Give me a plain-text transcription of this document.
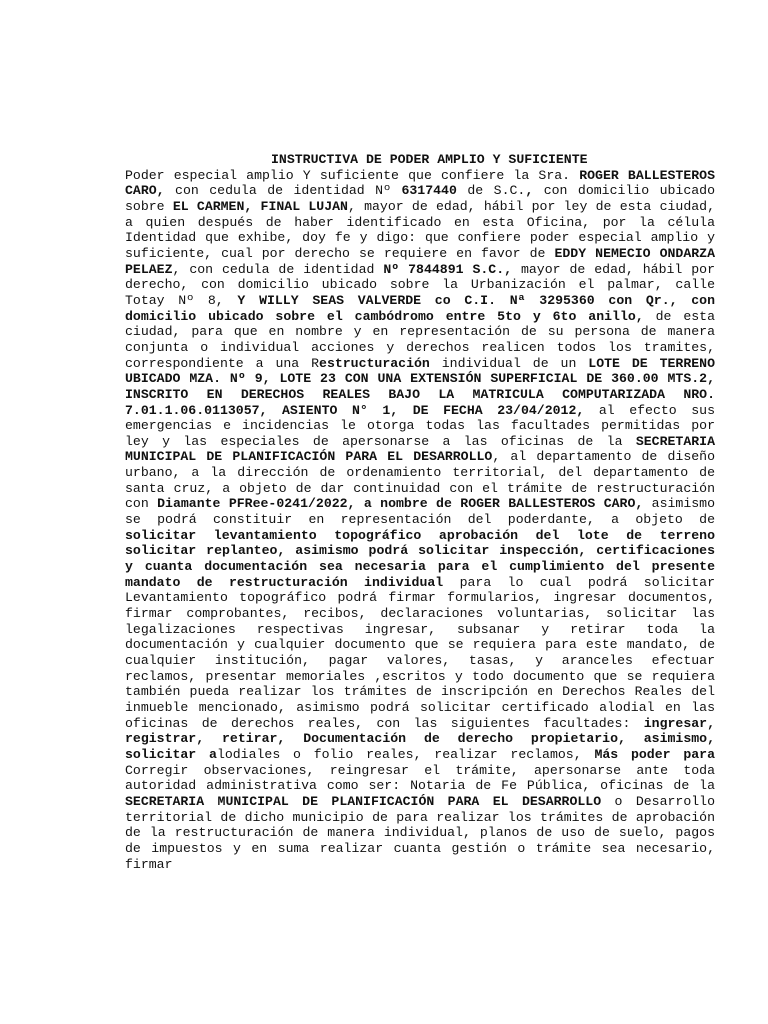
INSTRUCTIVA DE PODER AMPLIO Y SUFICIENTE

Poder especial amplio Y suficiente que confiere la Sra. ROGER BALLESTEROS CARO, con cedula de identidad Nº 6317440 de S.C., con domicilio ubicado sobre EL CARMEN, FINAL LUJAN, mayor de edad, hábil por ley de esta ciudad, a quien después de haber identificado en esta Oficina, por la célula Identidad que exhibe, doy fe y digo: que confiere poder especial amplio y suficiente, cual por derecho se requiere en favor de EDDY NEMECIO ONDARZA PELAEZ, con cedula de identidad Nº 7844891 S.C., mayor de edad, hábil por derecho, con domicilio ubicado sobre la Urbanización el palmar, calle Totay Nº 8, Y WILLY SEAS VALVERDE co C.I. Nª 3295360 con Qr., con domicilio ubicado sobre el cambódromo entre 5to y 6to anillo, de esta ciudad, para que en nombre y en representación de su persona de manera conjunta o individual acciones y derechos realicen todos los tramites, correspondiente a una Restructuración individual de un LOTE DE TERRENO UBICADO MZA. Nº 9, LOTE 23 CON UNA EXTENSIÓN SUPERFICIAL DE 360.00 MTS.2, INSCRITO EN DERECHOS REALES BAJO LA MATRICULA COMPUTARIZADA NRO. 7.01.1.06.0113057, ASIENTO N° 1, DE FECHA 23/04/2012, al efecto sus emergencias e incidencias le otorga todas las facultades permitidas por ley y las especiales de apersonarse a las oficinas de la SECRETARIA MUNICIPAL DE PLANIFICACIÓN PARA EL DESARROLLO, al departamento de diseño urbano, a la dirección de ordenamiento territorial, del departamento de santa cruz, a objeto de dar continuidad con el trámite de restructuración con Diamante PFRee-0241/2022, a nombre de ROGER BALLESTEROS CARO, asimismo se podrá constituir en representación del poderdante, a objeto de solicitar levantamiento topográfico aprobación del lote de terreno solicitar replanteo, asimismo podrá solicitar inspección, certificaciones y cuanta documentación sea necesaria para el cumplimiento del presente mandato de restructuración individual para lo cual podrá solicitar Levantamiento topográfico podrá firmar formularios, ingresar documentos, firmar comprobantes, recibos, declaraciones voluntarias, solicitar las legalizaciones respectivas ingresar, subsanar y retirar toda la documentación y cualquier documento que se requiera para este mandato, de cualquier institución, pagar valores, tasas, y aranceles efectuar reclamos, presentar memoriales ,escritos y todo documento que se requiera también pueda realizar los trámites de inscripción en Derechos Reales del inmueble mencionado, asimismo podrá solicitar certificado alodial en las oficinas de derechos reales, con las siguientes facultades: ingresar, registrar, retirar, Documentación de derecho propietario, asimismo, solicitar alodiales o folio reales, realizar reclamos, Más poder para Corregir observaciones, reingresar el trámite, apersonarse ante toda autoridad administrativa como ser: Notaria de Fe Pública, oficinas de la SECRETARIA MUNICIPAL DE PLANIFICACIÓN PARA EL DESARROLLO o Desarrollo territorial de dicho municipio de para realizar los trámites de aprobación de la restructuración de manera individual, planos de uso de suelo, pagos de impuestos y en suma realizar cuanta gestión o trámite sea necesario, firmar
